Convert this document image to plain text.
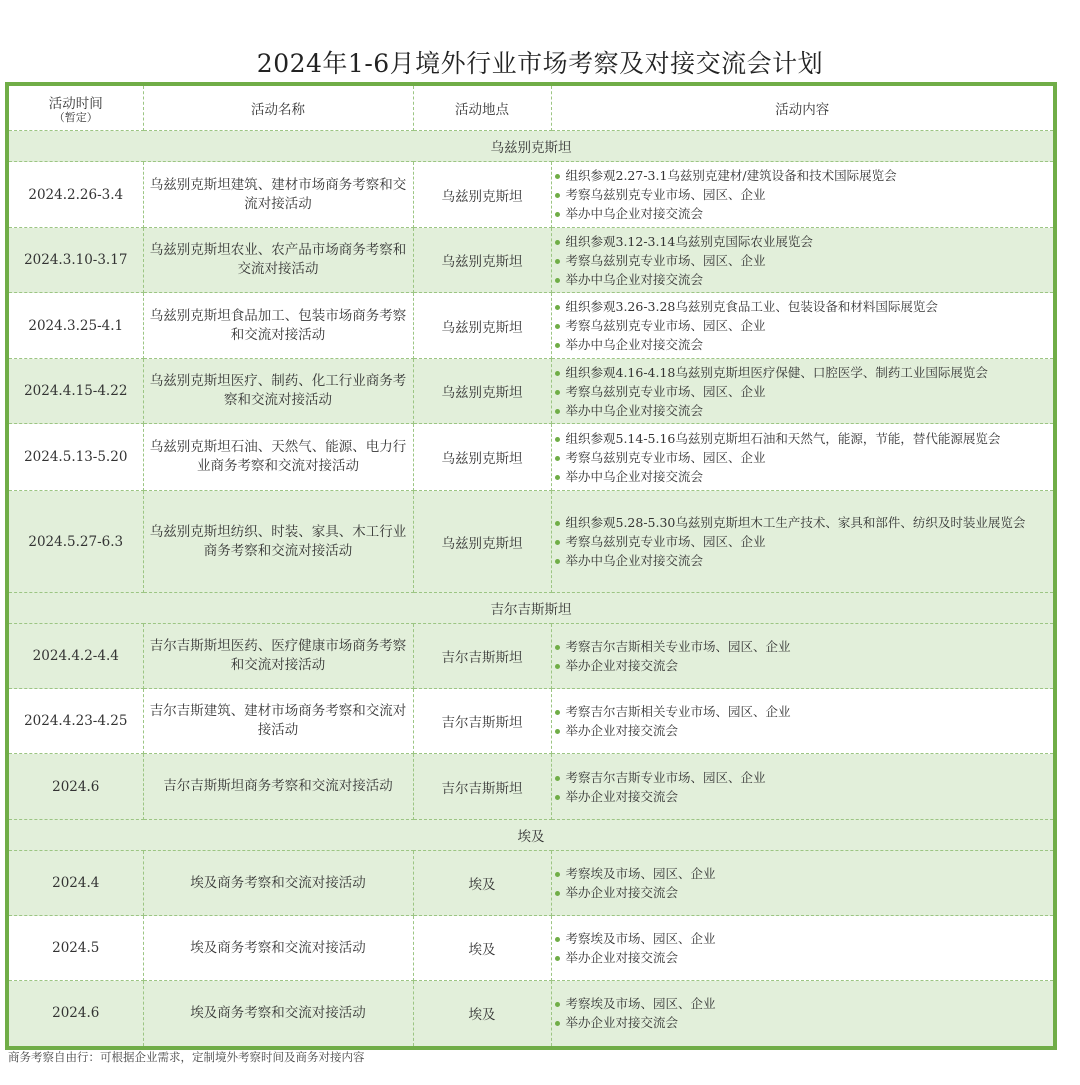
2024年1-6月境外行业市场考察及对接交流会计划
活动时间
（暂定）	活动名称	活动地点	活动内容
乌兹别克斯坦			
2024.2.26-3.4	乌兹别克斯坦建筑、建材市场商务考察和交流对接活动	乌兹别克斯坦	组织参观2.27-3.1乌兹别克建材/建筑设备和技术国际展览会
考察乌兹别克专业市场、园区、企业
举办中乌企业对接交流会

2024.3.10-3.17	乌兹别克斯坦农业、农产品市场商务考察和交流对接活动	乌兹别克斯坦	组织参观3.12-3.14乌兹别克国际农业展览会
考察乌兹别克专业市场、园区、企业
举办中乌企业对接交流会

2024.3.25-4.1	乌兹别克斯坦食品加工、包装市场商务考察和交流对接活动	乌兹别克斯坦	组织参观3.26-3.28乌兹别克食品工业、包装设备和材料国际展览会
考察乌兹别克专业市场、园区、企业
举办中乌企业对接交流会

2024.4.15-4.22	乌兹别克斯坦医疗、制药、化工行业商务考察和交流对接活动	乌兹别克斯坦	组织参观4.16-4.18乌兹别克斯坦医疗保健、口腔医学、制药工业国际展览会
考察乌兹别克专业市场、园区、企业
举办中乌企业对接交流会

2024.5.13-5.20	乌兹别克斯坦石油、天然气、能源、电力行业商务考察和交流对接活动	乌兹别克斯坦	组织参观5.14-5.16乌兹别克斯坦石油和天然气，能源，节能，替代能源展览会
考察乌兹别克专业市场、园区、企业
举办中乌企业对接交流会

2024.5.27-6.3	乌兹别克斯坦纺织、时装、家具、木工行业商务考察和交流对接活动	乌兹别克斯坦	组织参观5.28-5.30乌兹别克斯坦木工生产技术、家具和部件、纺织及时装业展览会
考察乌兹别克专业市场、园区、企业
举办中乌企业对接交流会

吉尔吉斯斯坦			
2024.4.2-4.4	吉尔吉斯斯坦医药、医疗健康市场商务考察和交流对接活动	吉尔吉斯斯坦	考察吉尔吉斯相关专业市场、园区、企业
举办企业对接交流会

2024.4.23-4.25	吉尔吉斯建筑、建材市场商务考察和交流对接活动	吉尔吉斯斯坦	考察吉尔吉斯相关专业市场、园区、企业
举办企业对接交流会

2024.6	吉尔吉斯斯坦商务考察和交流对接活动	吉尔吉斯斯坦	考察吉尔吉斯专业市场、园区、企业
举办企业对接交流会

埃及			
2024.4	埃及商务考察和交流对接活动	埃及	考察埃及市场、园区、企业
举办企业对接交流会

2024.5	埃及商务考察和交流对接活动	埃及	考察埃及市场、园区、企业
举办企业对接交流会

2024.6	埃及商务考察和交流对接活动	埃及	考察埃及市场、园区、企业
举办企业对接交流会
商务考察自由行：可根据企业需求，定制境外考察时间及商务对接内容
